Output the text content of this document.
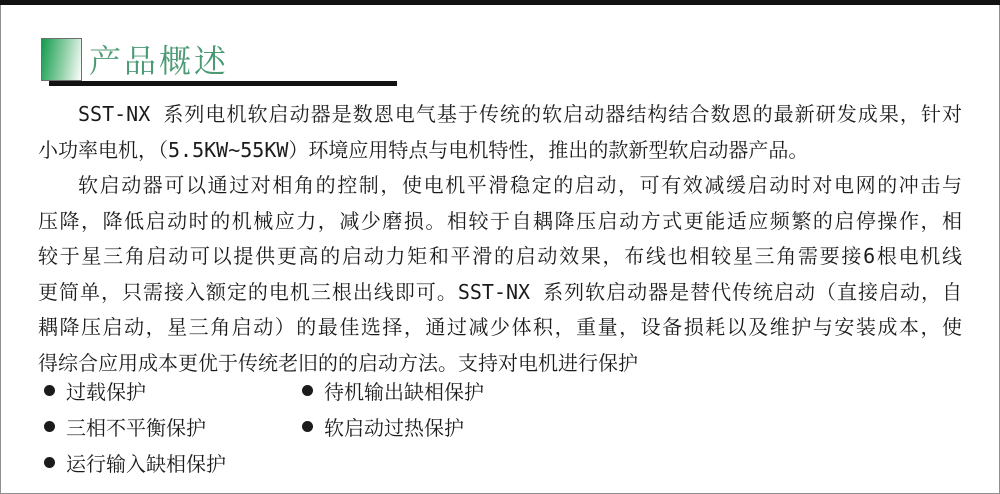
产品概述
SST-NX 系列电机软启动器是数恩电气基于传统的软启动器结构结合数恩的最新研发成果，针对
小功率电机，（5.5KW~55KW）环境应用特点与电机特性，推出的款新型软启动器产品。
软启动器可以通过对相角的控制，使电机平滑稳定的启动，可有效减缓启动时对电网的冲击与
压降，降低启动时的机械应力，减少磨损。相较于自耦降压启动方式更能适应频繁的启停操作，相
较于星三角启动可以提供更高的启动力矩和平滑的启动效果，布线也相较星三角需要接6根电机线
更简单，只需接入额定的电机三根出线即可。SST-NX 系列软启动器是替代传统启动（直接启动，自
耦降压启动，星三角启动）的最佳选择，通过减少体积，重量，设备损耗以及维护与安装成本，使
得综合应用成本更优于传统老旧的的启动方法。支持对电机进行保护
过载保护
三相不平衡保护
运行输入缺相保护
待机输出缺相保护
软启动过热保护
